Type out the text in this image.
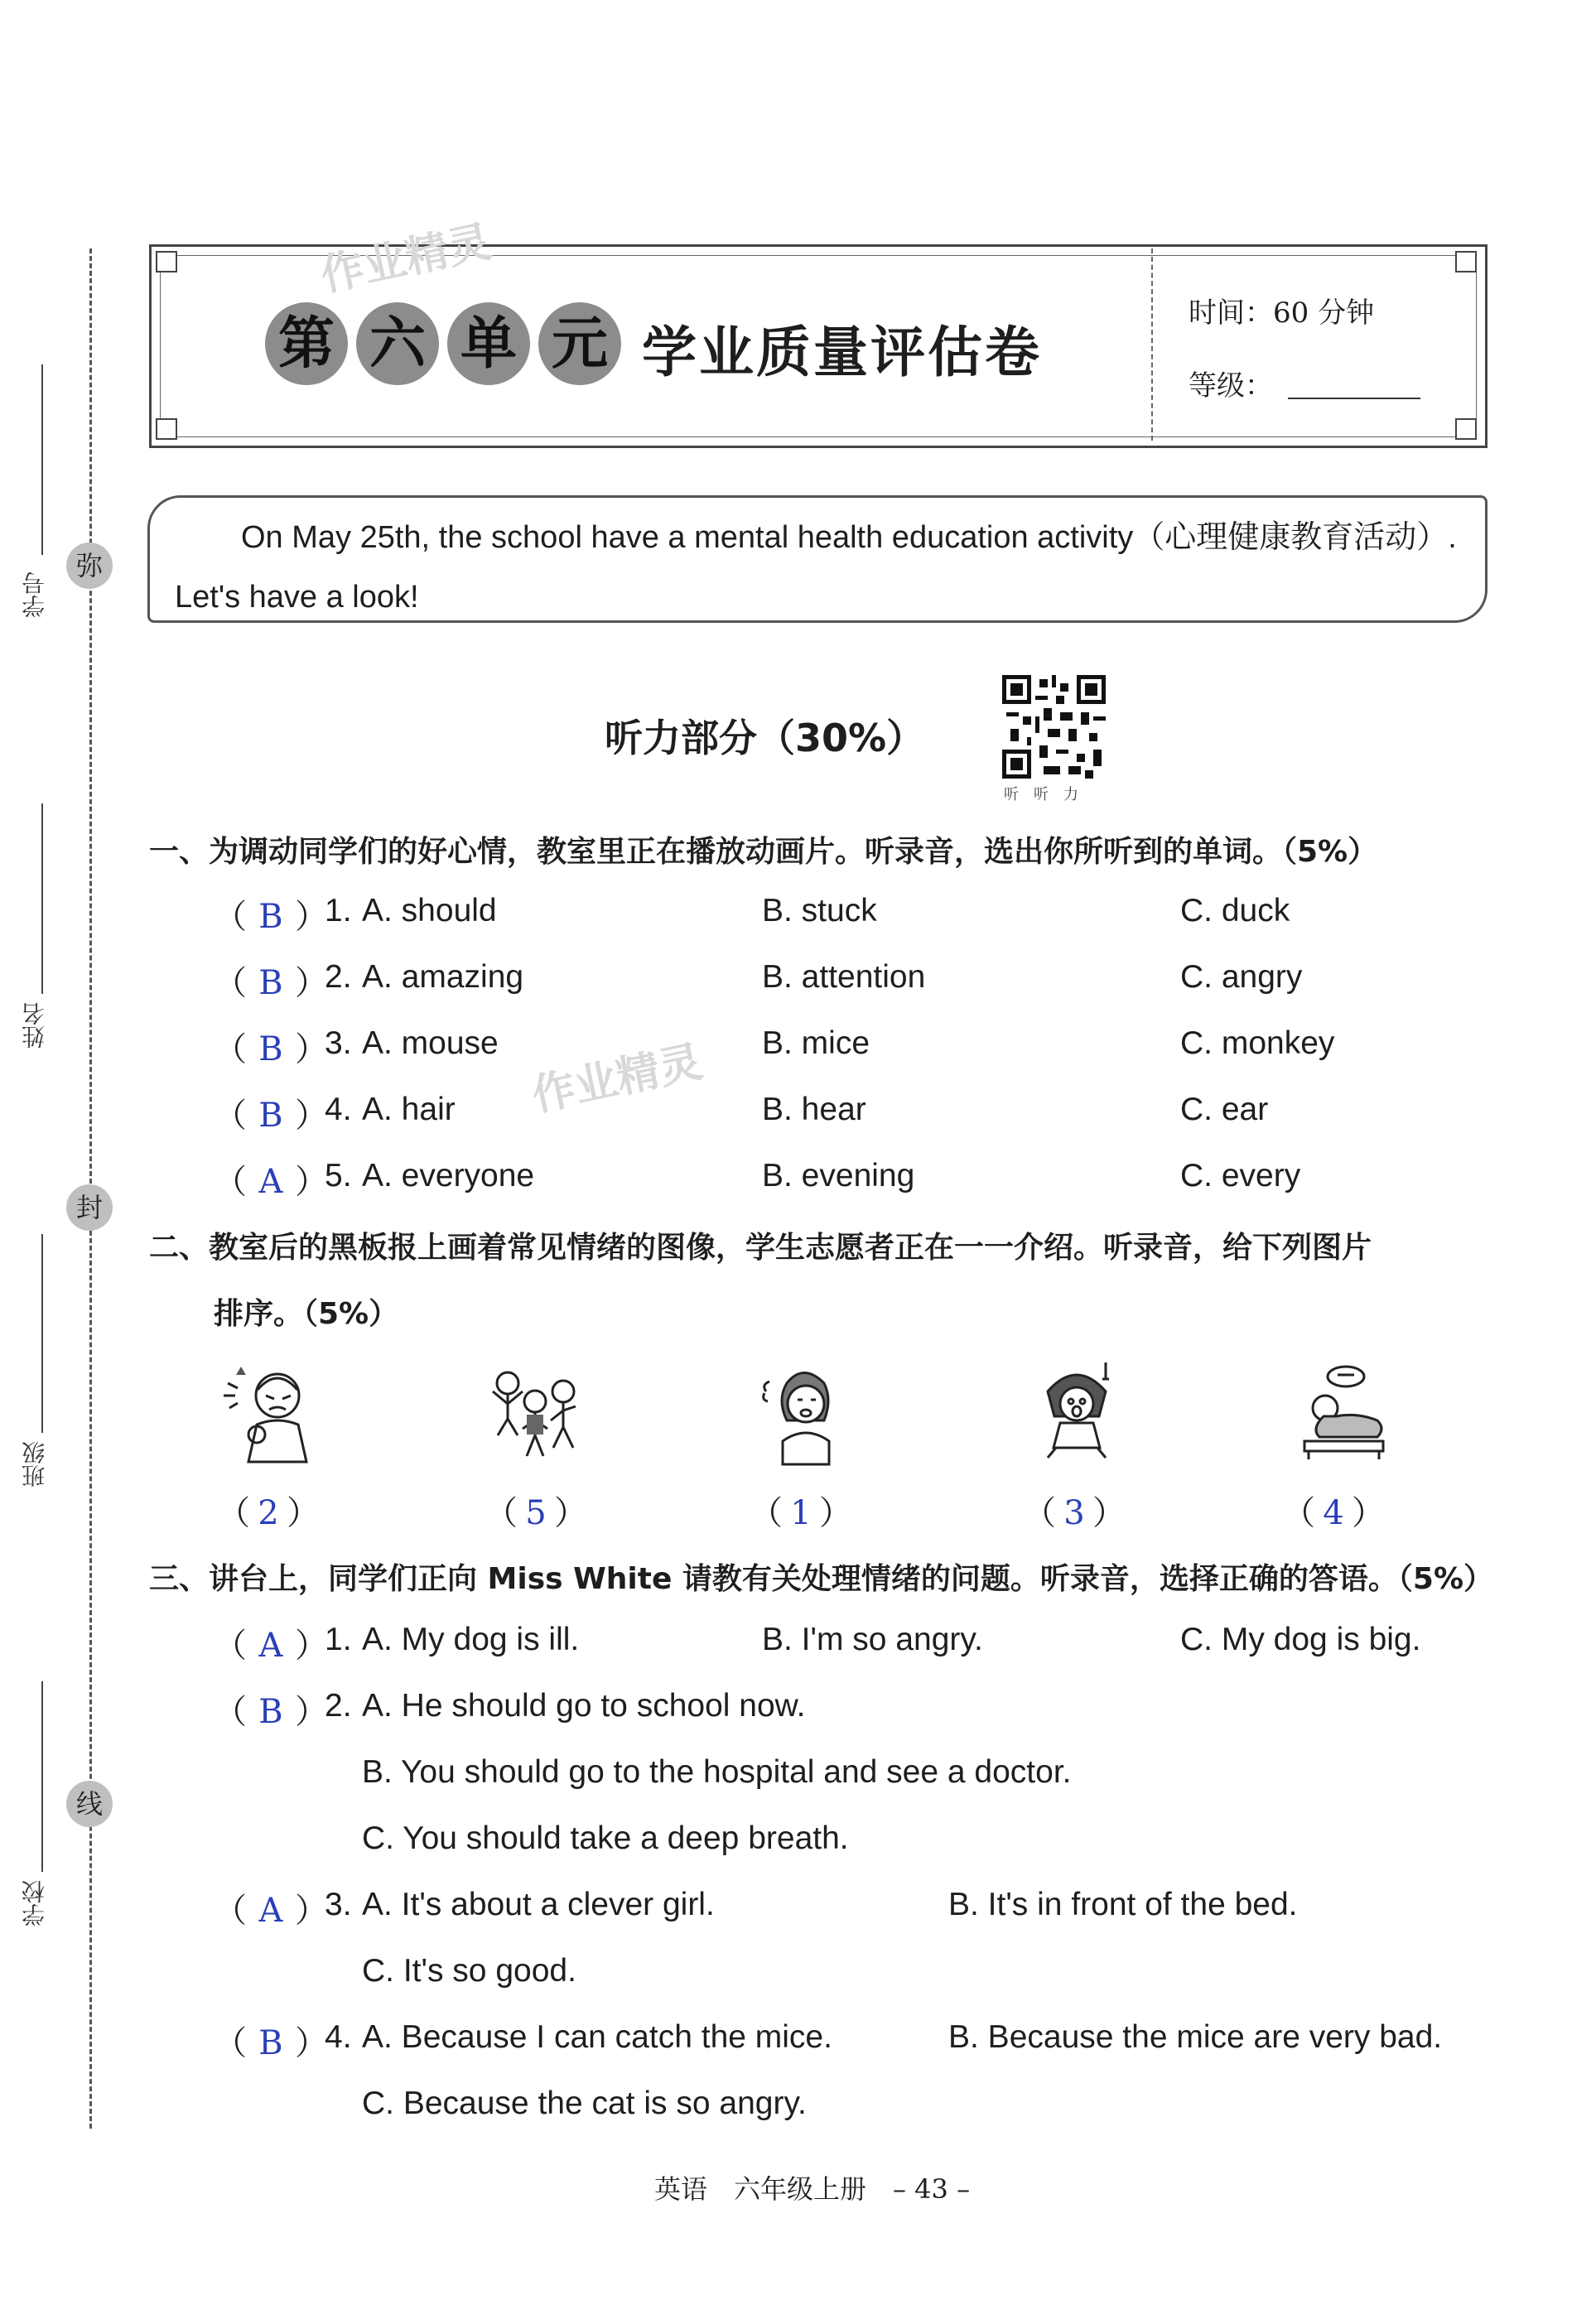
弥
封
线
学号
姓名
班级
学校
第 六 单 元 学业质量评估卷
时间：60 分钟
等级：
作业精灵
作业精灵
On May 25th, the school have a mental health education activity（心理健康教育活动）. Let's have a look!
听力部分（30%）
听听力
一、为调动同学们的好心情，教室里正在播放动画片。听录音，选出你所听到的单词。（5%）
（ B ）
1. A. should	B. stuck	C. duck
（ B ）
2. A. amazing	B. attention	C. angry
（ B ）
3. A. mouse	B. mice	C. monkey
（ B ）
4. A. hair	B. hear	C. ear
（ A ）
5. A. everyone	B. evening	C. every
二、教室后的黑板报上画着常见情绪的图像，学生志愿者正在一一介绍。听录音，给下列图片
排序。（5%）
（ 2 ）	（ 5 ）	（ 1 ）	（ 3 ）	（ 4 ）
三、讲台上，同学们正向 Miss White 请教有关处理情绪的问题。听录音，选择正确的答语。（5%）
（ A ）
1. A. My dog is ill.	B. I'm so angry.	C. My dog is big.
（ B ）
2. A. He should go to school now.
B. You should go to the hospital and see a doctor.
C. You should take a deep breath.
（ A ）
3. A. It's about a clever girl.	B. It's in front of the bed.
C. It's so good.
（ B ）
4. A. Because I can catch the mice.	B. Because the mice are very bad.
C. Because the cat is so angry.
英语　六年级上册　– 43 –
